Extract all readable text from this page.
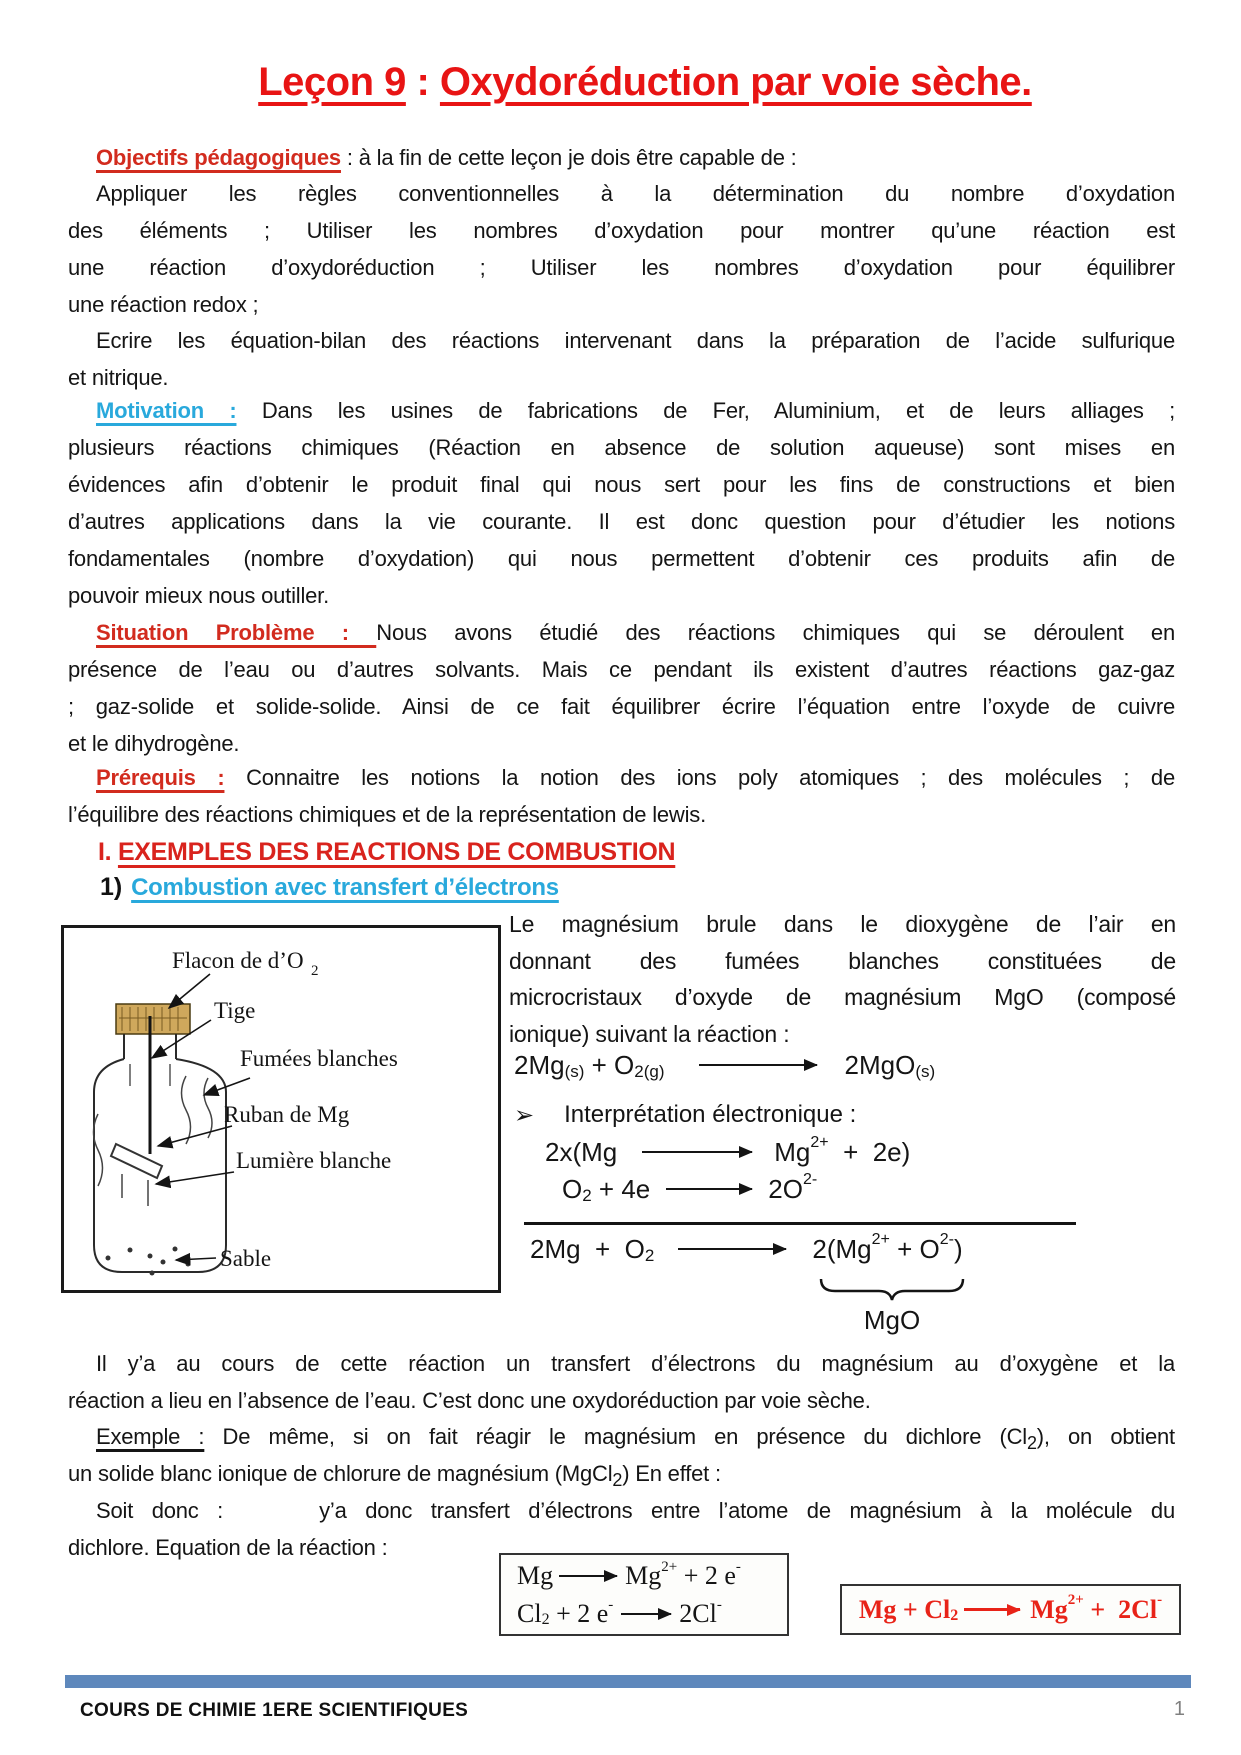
Leçon 9 : Oxydoréduction par voie sèche.
Objectifs pédagogiques : à la fin de cette leçon je dois être capable de :
Appliquer les règles conventionnelles à la détermination du nombre d’oxydation
des éléments ; Utiliser les nombres d’oxydation pour montrer qu’une réaction est
une réaction d’oxydoréduction ; Utiliser les nombres d’oxydation pour équilibrer
une réaction redox ;
Ecrire les équation-bilan des réactions intervenant dans la préparation de l’acide sulfurique
et nitrique.
Motivation : Dans les usines de fabrications de Fer, Aluminium, et de leurs alliages ;
plusieurs réactions chimiques (Réaction en absence de solution aqueuse) sont mises en
évidences afin d’obtenir le produit final qui nous sert pour les fins de constructions et bien
d’autres applications dans la vie courante. Il est donc question pour d’étudier les notions
fondamentales (nombre d’oxydation) qui nous permettent d’obtenir ces produits afin de
pouvoir mieux nous outiller.
Situation Problème : Nous avons étudié des réactions chimiques qui se déroulent en
présence de l’eau ou d’autres solvants. Mais ce pendant ils existent d’autres réactions gaz-gaz
; gaz-solide et solide-solide. Ainsi de ce fait équilibrer écrire l’équation entre l’oxyde de cuivre
et le dihydrogène.
Prérequis : Connaitre les notions la notion des ions poly atomiques ; des molécules ; de
l’équilibre des réactions chimiques et de la représentation de lewis.
I. EXEMPLES DES REACTIONS DE COMBUSTION
1) Combustion avec transfert d’électrons
Flacon de d’O 2
Tige
Fumées blanches
Ruban de Mg
Lumière blanche
Sable
Le magnésium brule dans le dioxygène de l’air en
donnant des fumées blanches constituées de
microcristaux d’oxyde de magnésium MgO (composé
ionique) suivant la réaction :
2Mg (s) + O 2(g)	2MgO (s)
➢ Interprétation électronique :
2x(Mg	Mg 2+ + 2e)
O 2 + 4e	2O 2-
2Mg + O 2	2(Mg 2+ + O 2- )
MgO
Il y’a au cours de cette réaction un transfert d’électrons du magnésium au d’oxygène et la
réaction a lieu en l’absence de l’eau. C’est donc une oxydoréduction par voie sèche.
Exemple : De même, si on fait réagir le magnésium en présence du dichlore $(Cl_2)$, on obtient
un solide blanc ionique de chlorure de magnésium (MgCl$_2$) En effet :
Soit donc :	y’a donc transfert d’électrons entre l’atome de magnésium à la molécule du
dichlore. Equation de la réaction :
Mg	Mg 2+ + 2 e -
Cl 2 + 2 e -	2Cl -	Mg + Cl 2	Mg 2+ +  2Cl -
COURS DE CHIMIE 1ERE SCIENTIFIQUES	1
